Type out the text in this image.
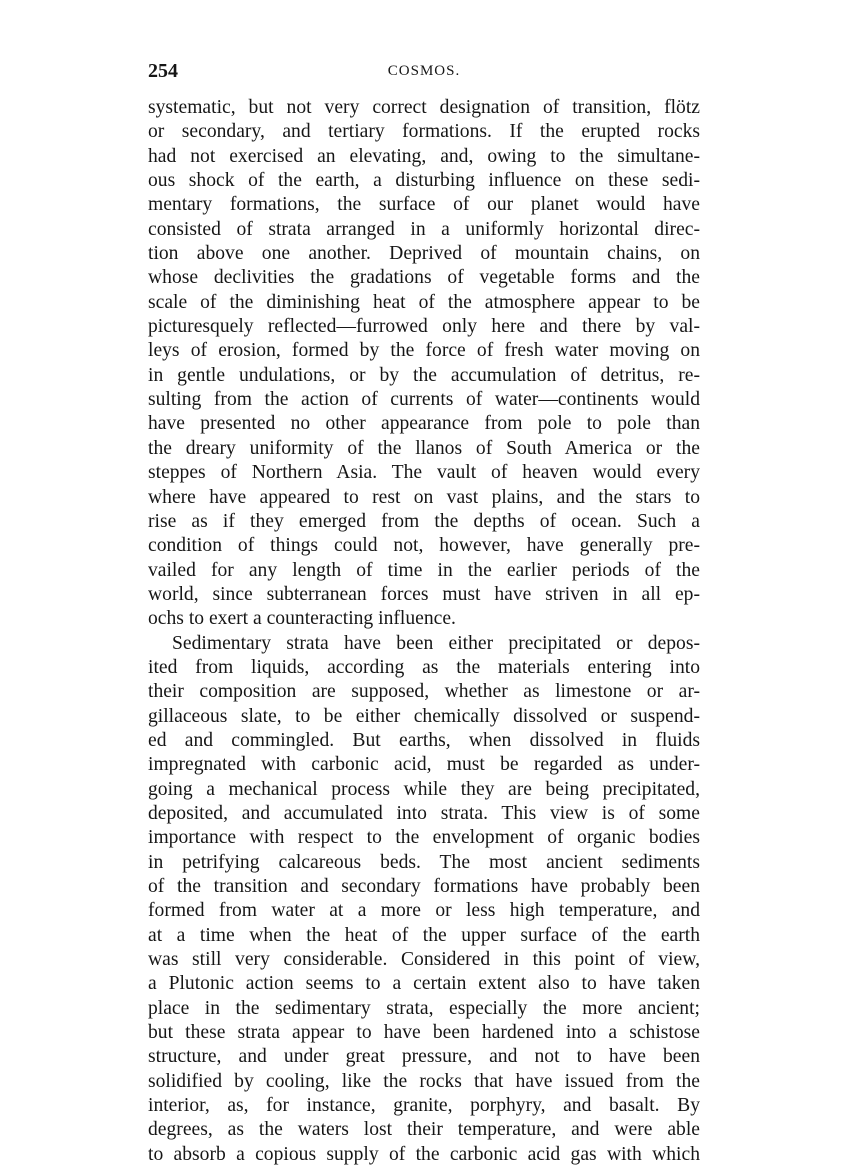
254	COSMOS.
systematic, but not very correct designation of transition, flötz
or secondary, and tertiary formations. If the erupted rocks
had not exercised an elevating, and, owing to the simultane-
ous shock of the earth, a disturbing influence on these sedi-
mentary formations, the surface of our planet would have
consisted of strata arranged in a uniformly horizontal direc-
tion above one another. Deprived of mountain chains, on
whose declivities the gradations of vegetable forms and the
scale of the diminishing heat of the atmosphere appear to be
picturesquely reflected—furrowed only here and there by val-
leys of erosion, formed by the force of fresh water moving on
in gentle undulations, or by the accumulation of detritus, re-
sulting from the action of currents of water—continents would
have presented no other appearance from pole to pole than
the dreary uniformity of the llanos of South America or the
steppes of Northern Asia. The vault of heaven would every
where have appeared to rest on vast plains, and the stars to
rise as if they emerged from the depths of ocean. Such a
condition of things could not, however, have generally pre-
vailed for any length of time in the earlier periods of the
world, since subterranean forces must have striven in all ep-
ochs to exert a counteracting influence.
Sedimentary strata have been either precipitated or depos-
ited from liquids, according as the materials entering into
their composition are supposed, whether as limestone or ar-
gillaceous slate, to be either chemically dissolved or suspend-
ed and commingled. But earths, when dissolved in fluids
impregnated with carbonic acid, must be regarded as under-
going a mechanical process while they are being precipitated,
deposited, and accumulated into strata. This view is of some
importance with respect to the envelopment of organic bodies
in petrifying calcareous beds. The most ancient sediments
of the transition and secondary formations have probably been
formed from water at a more or less high temperature, and
at a time when the heat of the upper surface of the earth
was still very considerable. Considered in this point of view,
a Plutonic action seems to a certain extent also to have taken
place in the sedimentary strata, especially the more ancient;
but these strata appear to have been hardened into a schistose
structure, and under great pressure, and not to have been
solidified by cooling, like the rocks that have issued from the
interior, as, for instance, granite, porphyry, and basalt. By
degrees, as the waters lost their temperature, and were able
to absorb a copious supply of the carbonic acid gas with which
